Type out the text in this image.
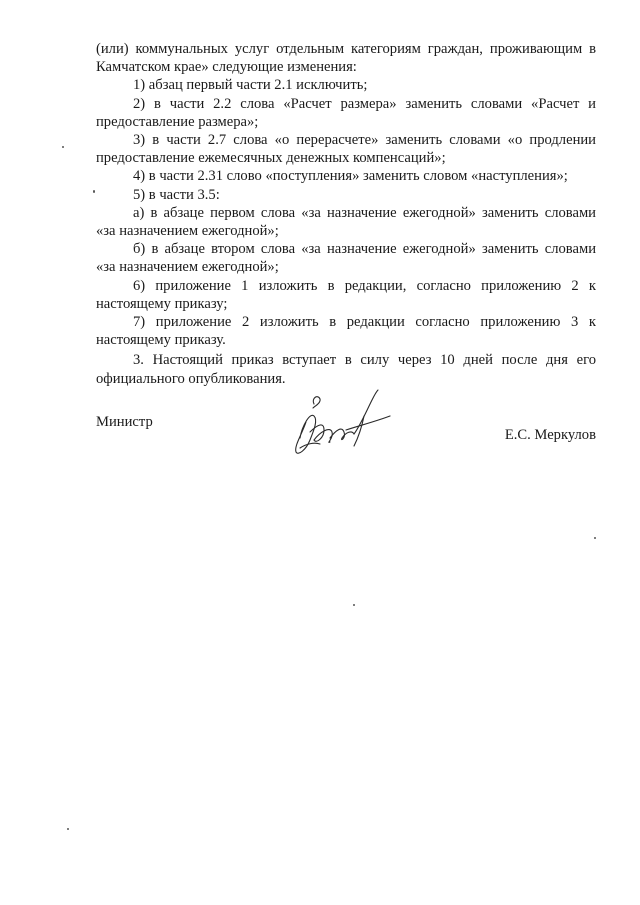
(или) коммунальных услуг отдельным категориям граждан, проживающим в Камчатском крае» следующие изменения:

1) абзац первый части 2.1 исключить;

2) в части 2.2 слова «Расчет размера» заменить словами «Расчет и предоставление размера»;

3) в части 2.7 слова «о перерасчете» заменить словами «о продлении предоставление ежемесячных денежных компенсаций»;

4) в части 2.31 слово «поступления» заменить словом «наступления»;

5) в части 3.5:

а) в абзаце первом слова «за назначение ежегодной» заменить словами «за назначением ежегодной»;

б) в абзаце втором слова «за назначение ежегодной» заменить словами «за назначением ежегодной»;

6) приложение 1 изложить в редакции, согласно приложению 2 к настоящему приказу;

7) приложение 2 изложить в редакции согласно приложению 3 к настоящему приказу.

3. Настоящий приказ вступает в силу через 10 дней после дня его официального опубликования.

Министр
Е.С. Меркулов
